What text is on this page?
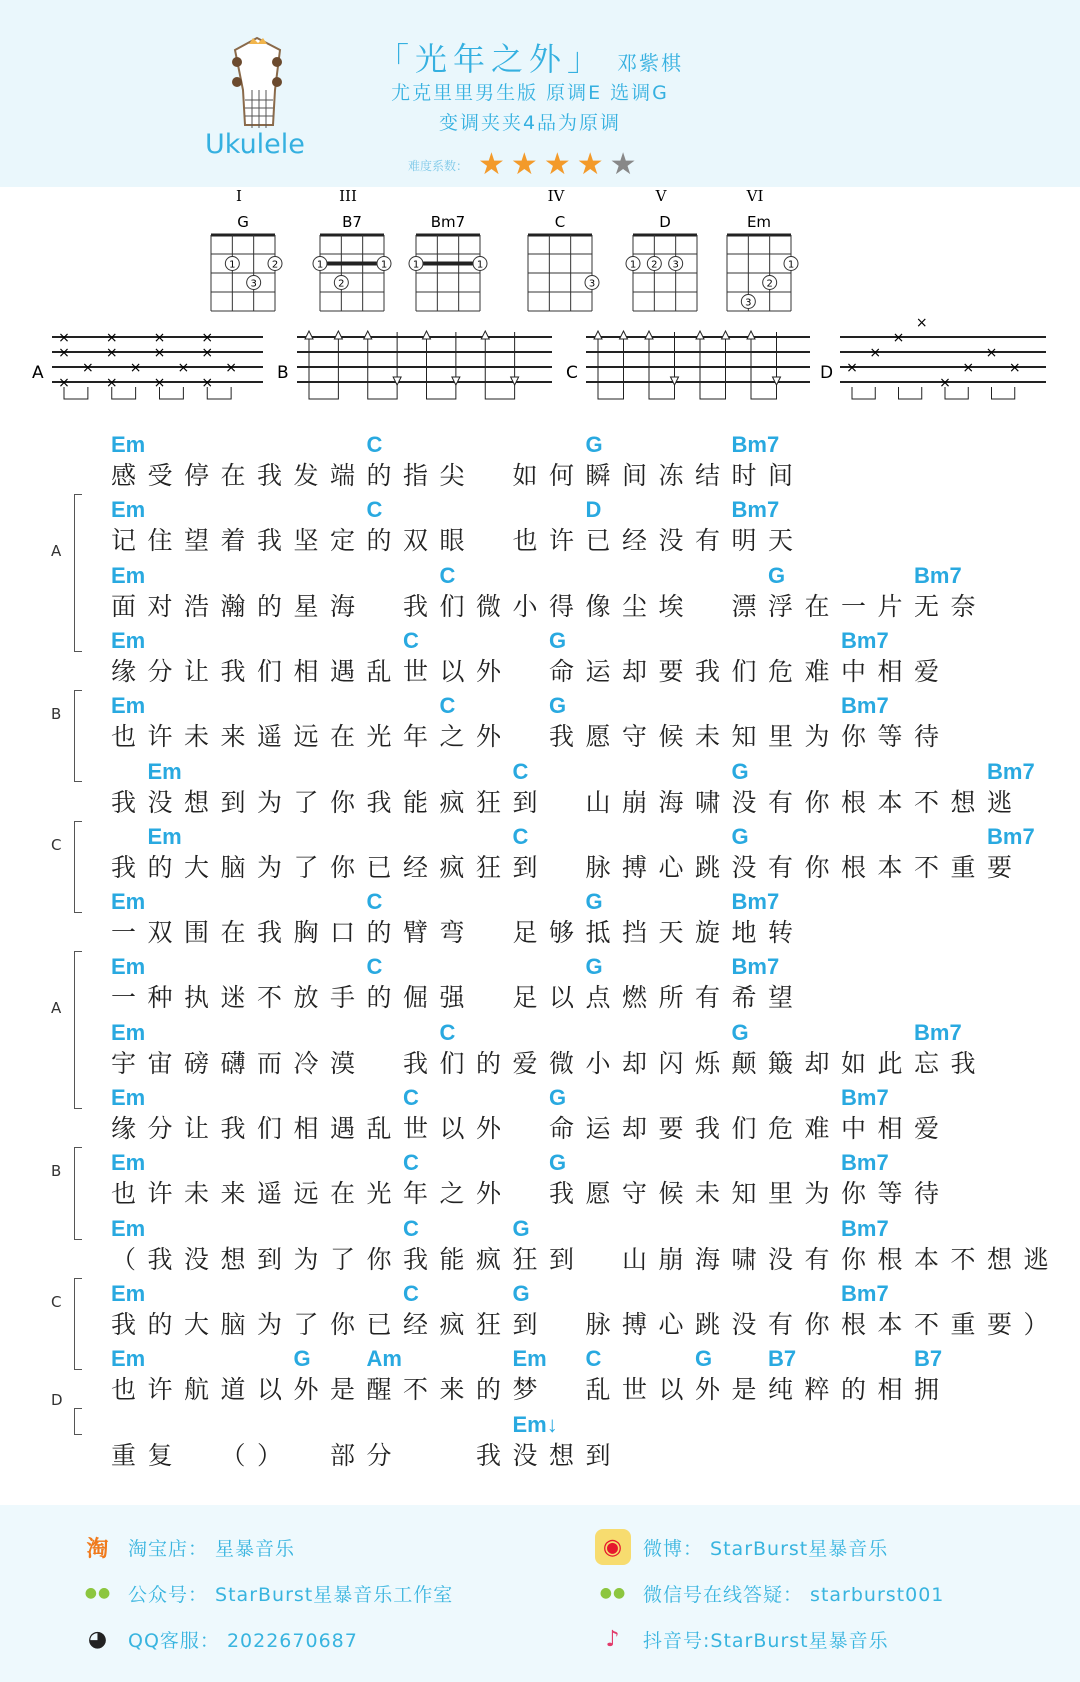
Ukulele
「光年之外」 邓紫棋
尤克里里男生版 原调E 选调G
变调夹夹4品为原调
难度系数： ★ ★ ★ ★ ★
I
G
1	2
3
III
B7
1	1
2
Bm7
1	1
IV
C
3
V
D
1 2 3
VI
Em
1
2
3
A
×
×
×
×
×
×
×
×
×
×
×
×
×
×
×
× B	C	D ×
×
×
×
×
×
×
×
Em	C	G	Bm7
感 受 停 在 我 发 端 的 指 尖	如 何 瞬 间 冻 结 时 间
Em	C	D	Bm7
记 住 望 着 我 坚 定 的 双 眼	也 许 已 经 没 有 明 天
Em	C	G	Bm7
面 对 浩 瀚 的 星 海	我 们 微 小 得 像 尘 埃	漂 浮 在 一 片 无 奈
A
Em	C	G	Bm7
缘 分 让 我 们 相 遇 乱 世 以 外	命 运 却 要 我 们 危 难 中 相 爱
Em	C	G	Bm7
也 许 未 来 遥 远 在 光 年 之 外	我 愿 守 候 未 知 里 为 你 等 待
B
Em	C	G	Bm7
我 没 想 到 为 了 你 我 能 疯 狂 到	山 崩 海 啸 没 有 你 根 本 不 想 逃
Em	C	G	Bm7
我 的 大 脑 为 了 你 已 经 疯 狂 到	脉 搏 心 跳 没 有 你 根 本 不 重 要
C
Em	C	G	Bm7
一 双 围 在 我 胸 口 的 臂 弯	足 够 抵 挡 天 旋 地 转
Em	C	G	Bm7
一 种 执 迷 不 放 手 的 倔 强	足 以 点 燃 所 有 希 望
Em	C	G	Bm7
宇 宙 磅 礴 而 冷 漠	我 们 的 爱 微 小 却 闪 烁 颠 簸 却 如 此 忘 我
A
Em	C	G	Bm7
缘 分 让 我 们 相 遇 乱 世 以 外	命 运 却 要 我 们 危 难 中 相 爱
Em	C	G	Bm7
也 许 未 来 遥 远 在 光 年 之 外	我 愿 守 候 未 知 里 为 你 等 待
B
Em	C	G	Bm7
（ 我 没 想 到 为 了 你 我 能 疯 狂 到	山 崩 海 啸 没 有 你 根 本 不 想 逃
Em	C	G	Bm7
我 的 大 脑 为 了 你 已 经 疯 狂 到	脉 搏 心 跳 没 有 你 根 本 不 重 要 ）
C
Em	G	Am	Em C	G	B7	B7
也 许 航 道 以 外 是 醒 不 来 的 梦	乱 世 以 外 是 纯 粹 的 相 拥
D
Em↓
重 复	（ ）	部 分	我 没 想 到
淘 淘宝店： 星暴音乐	◉	微博： StarBurst星暴音乐
●● 公众号： StarBurst星暴音乐工作室	●● 微信号在线答疑： starburst001
◕	QQ客服： 2022670687	♪	抖音号:StarBurst星暴音乐
